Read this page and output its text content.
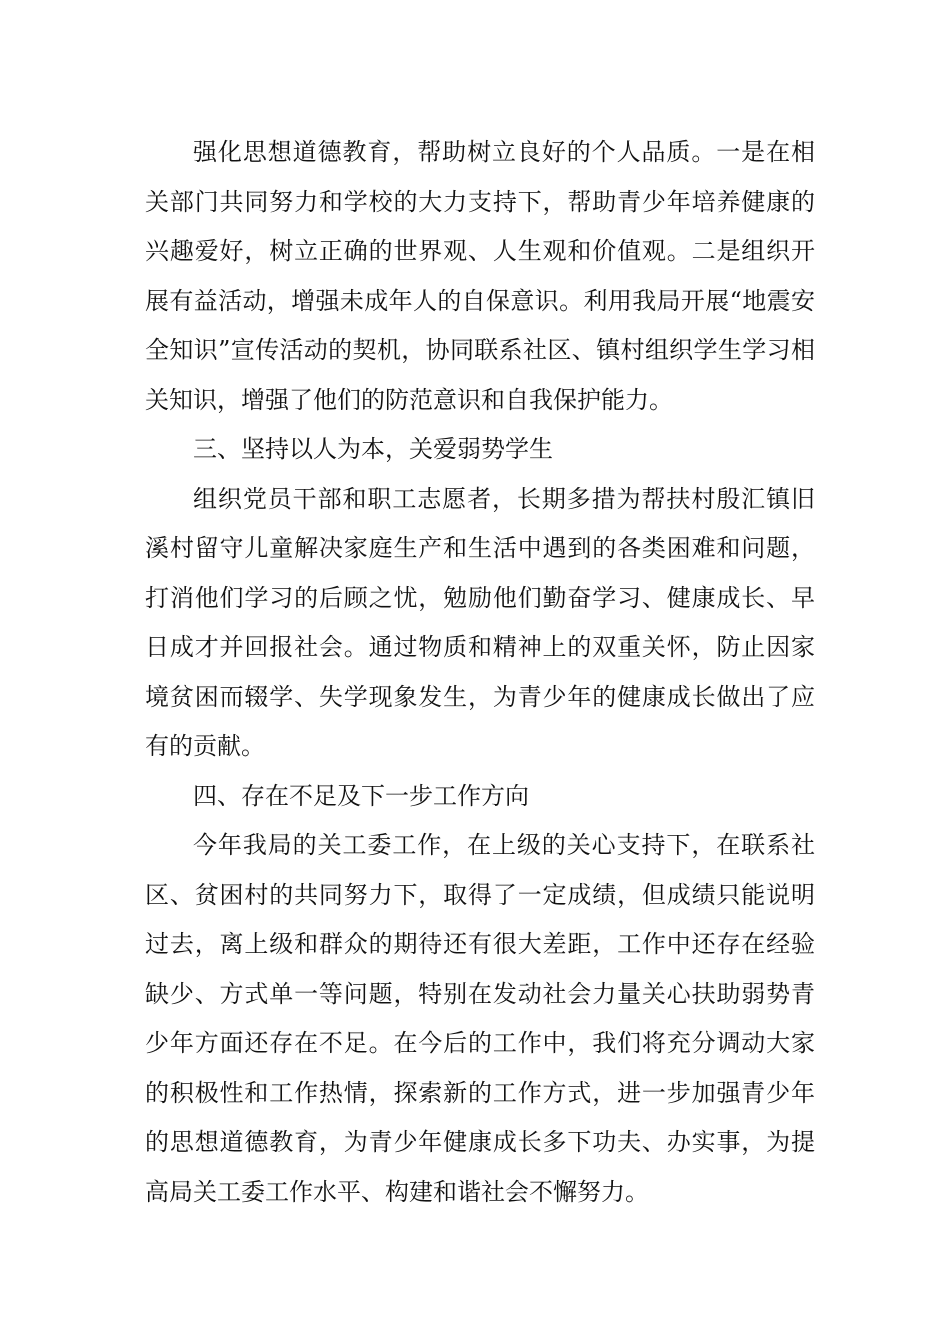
强化思想道德教育，帮助树立良好的个人品质。一是在相关部门共同努力和学校的大力支持下，帮助青少年培养健康的兴趣爱好，树立正确的世界观、人生观和价值观。二是组织开展有益活动，增强未成年人的自保意识。利用我局开展“地震安全知识”宣传活动的契机，协同联系社区、镇村组织学生学习相关知识，增强了他们的防范意识和自我保护能力。

三、坚持以人为本，关爱弱势学生

组织党员干部和职工志愿者，长期多措为帮扶村殷汇镇旧溪村留守儿童解决家庭生产和生活中遇到的各类困难和问题，打消他们学习的后顾之忧，勉励他们勤奋学习、健康成长、早日成才并回报社会。通过物质和精神上的双重关怀，防止因家境贫困而辍学、失学现象发生，为青少年的健康成长做出了应有的贡献。

四、存在不足及下一步工作方向

今年我局的关工委工作，在上级的关心支持下，在联系社区、贫困村的共同努力下，取得了一定成绩，但成绩只能说明过去，离上级和群众的期待还有很大差距，工作中还存在经验缺少、方式单一等问题，特别在发动社会力量关心扶助弱势青少年方面还存在不足。在今后的工作中，我们将充分调动大家的积极性和工作热情，探索新的工作方式，进一步加强青少年的思想道德教育，为青少年健康成长多下功夫、办实事，为提高局关工委工作水平、构建和谐社会不懈努力。
